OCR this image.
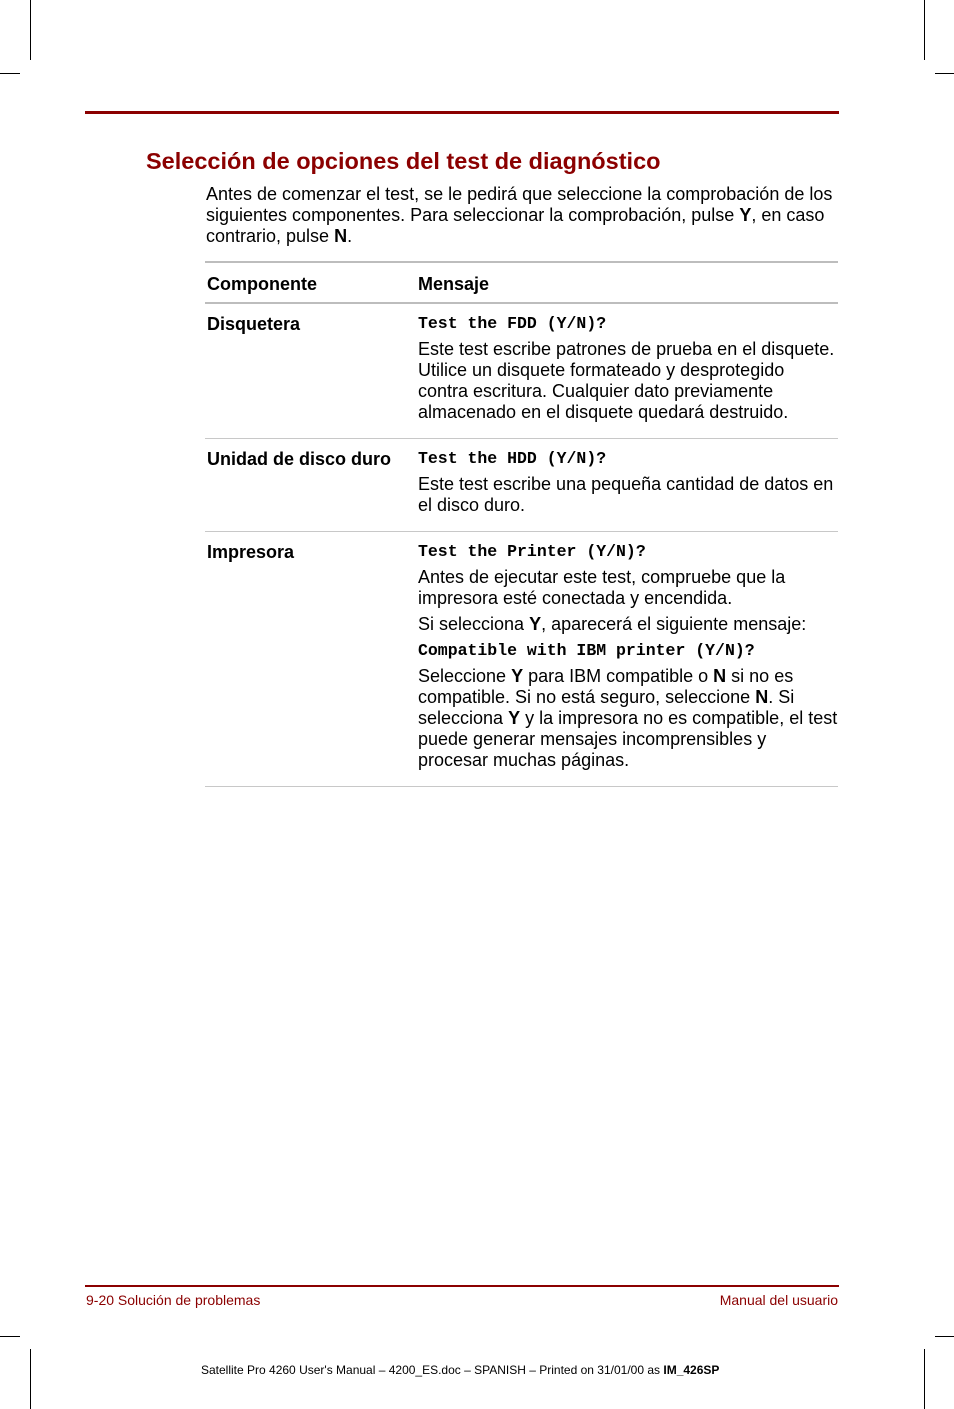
Selección de opciones del test de diagnóstico

Antes de comenzar el test, se le pedirá que seleccione la comprobación de los siguientes componentes. Para seleccionar la comprobación, pulse Y, en caso contrario, pulse N.

Componente	Mensaje
Disquetera	Test the FDD (Y/N)?
Este test escribe patrones de prueba en el disquete. Utilice un disquete formateado y desprotegido contra escritura. Cualquier dato previamente almacenado en el disquete quedará destruido.
Unidad de disco duro	Test the HDD (Y/N)?
Este test escribe una pequeña cantidad de datos en el disco duro.
Impresora	Test the Printer (Y/N)?
Antes de ejecutar este test, compruebe que la impresora esté conectada y encendida.
Si selecciona Y, aparecerá el siguiente mensaje:
Compatible with IBM printer (Y/N)?
Seleccione Y para IBM compatible o N si no es compatible. Si no está seguro, seleccione N. Si selecciona Y y la impresora no es compatible, el test puede generar mensajes incomprensibles y procesar muchas páginas.
9-20 Solución de problemas	Manual del usuario
Satellite Pro 4260 User's Manual – 4200_ES.doc – SPANISH – Printed on 31/01/00 as IM_426SP
